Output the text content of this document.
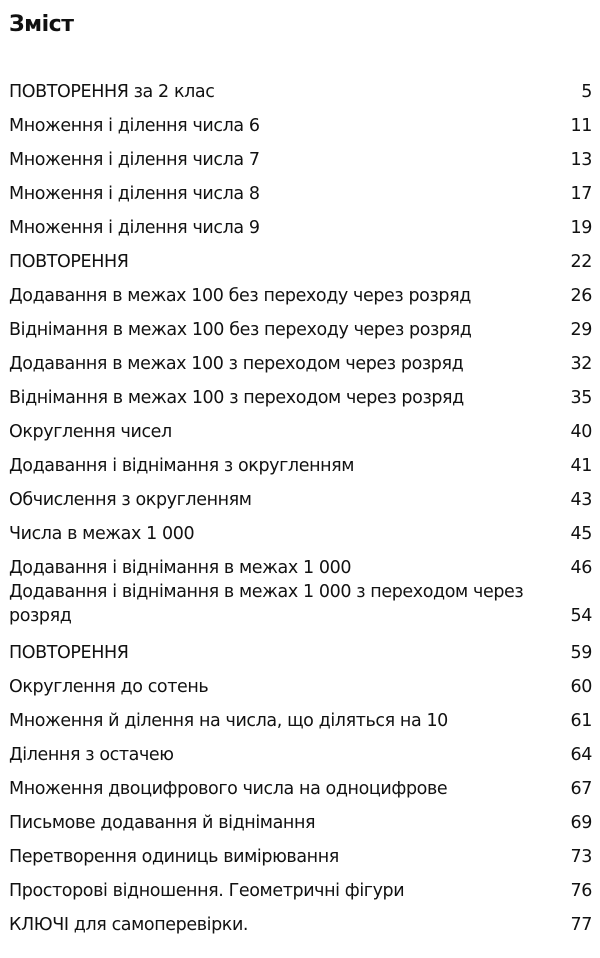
Зміст
ПОВТОРЕННЯ за 2 клас	5
Множення і ділення числа 6	11
Множення і ділення числа 7	13
Множення і ділення числа 8	17
Множення і ділення числа 9	19
ПОВТОРЕННЯ	22
Додавання в межах 100 без переходу через розряд	26
Віднімання в межах 100 без переходу через розряд	29
Додавання в межах 100 з переходом через розряд	32
Віднімання в межах 100 з переходом через розряд	35
Округлення чисел	40
Додавання і віднімання з округленням	41
Обчислення з округленням	43
Числа в межах 1 000	45
Додавання і віднімання в межах 1 000	46
Додавання і віднімання в межах 1 000 з переходом через розряд	54
ПОВТОРЕННЯ	59
Округлення до сотень	60
Множення й ділення на числа, що діляться на 10	61
Ділення з остачею	64
Множення двоцифрового числа на одноцифрове	67
Письмове додавання й віднімання	69
Перетворення одиниць вимірювання	73
Просторові відношення. Геометричні фігури	76
КЛЮЧІ для самоперевірки.	77
